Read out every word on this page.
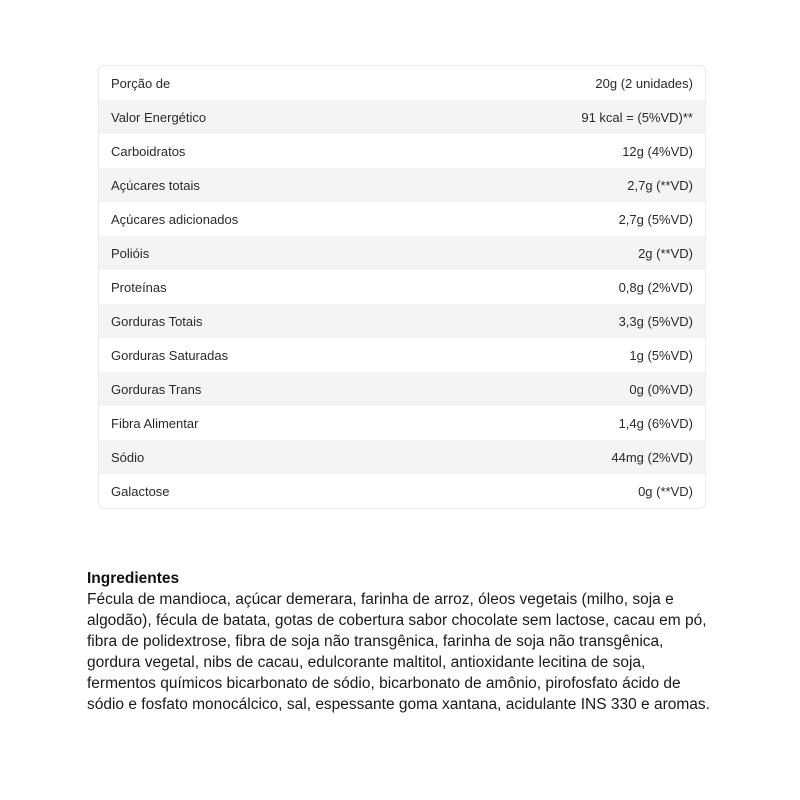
Porção de	20g (2 unidades)
Valor Energético	91 kcal = (5%VD)**
Carboidratos	12g (4%VD)
Açúcares totais	2,7g (**VD)
Açúcares adicionados	2,7g (5%VD)
Polióis	2g (**VD)
Proteínas	0,8g (2%VD)
Gorduras Totais	3,3g (5%VD)
Gorduras Saturadas	1g (5%VD)
Gorduras Trans	0g (0%VD)
Fibra Alimentar	1,4g (6%VD)
Sódio	44mg (2%VD)
Galactose	0g (**VD)
Ingredientes

Fécula de mandioca, açúcar demerara, farinha de arroz, óleos vegetais (milho, soja e algodão), fécula de batata, gotas de cobertura sabor chocolate sem lactose, cacau em pó, fibra de polidextrose, fibra de soja não transgênica, farinha de soja não transgênica, gordura vegetal, nibs de cacau, edulcorante maltitol, antioxidante lecitina de soja, fermentos químicos bicarbonato de sódio, bicarbonato de amônio, pirofosfato ácido de sódio e fosfato monocálcico, sal, espessante goma xantana, acidulante INS 330 e aromas.
